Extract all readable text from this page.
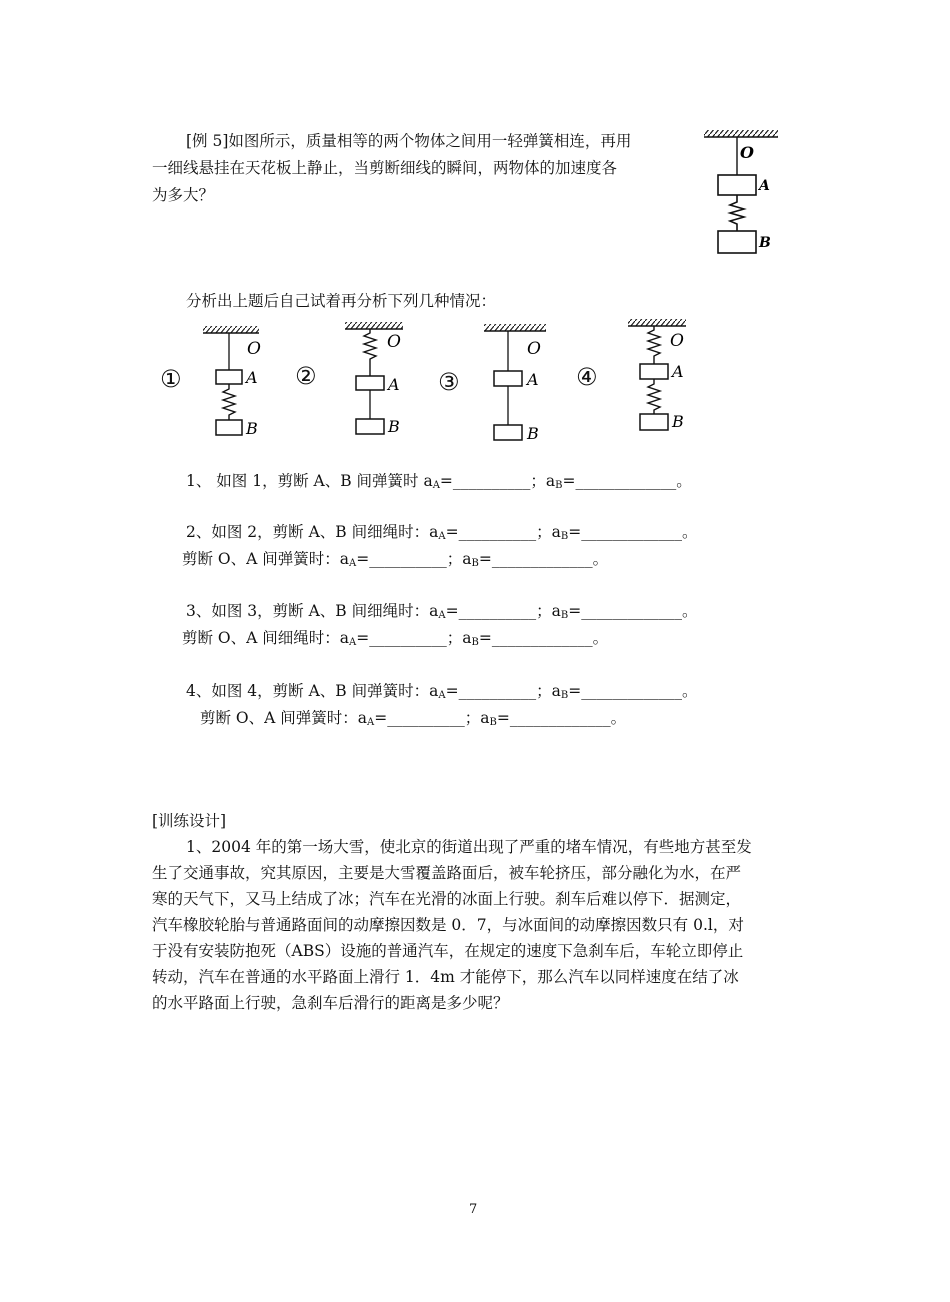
[例 5]如图所示，质量相等的两个物体之间用一轻弹簧相连，再用
一细线悬挂在天花板上静止，当剪断细线的瞬间，两物体的加速度各
为多大？
O
A
B
分析出上题后自己试着再分析下列几种情况：
①
O
A
B
②
O
A
B
③
O
A
B
④
O
A
B
1、 如图 1，剪断 A、B 间弹簧时 $a_A=\_\_\_\_\_\_\_\_\_\_$；$a_B=\_\_\_\_\_\_\_\_\_\_\_\_\_$。
2、如图 2，剪断 A、B 间细绳时：$a_A=\_\_\_\_\_\_\_\_\_\_$；$a_B=\_\_\_\_\_\_\_\_\_\_\_\_\_$。
剪断 O、A 间弹簧时：$a_A=\_\_\_\_\_\_\_\_\_\_$；$a_B=\_\_\_\_\_\_\_\_\_\_\_\_\_$。
3、如图 3，剪断 A、B 间细绳时：$a_A=\_\_\_\_\_\_\_\_\_\_$；$a_B=\_\_\_\_\_\_\_\_\_\_\_\_\_$。
剪断 O、A 间细绳时：$a_A=\_\_\_\_\_\_\_\_\_\_$；$a_B=\_\_\_\_\_\_\_\_\_\_\_\_\_$。
4、如图 4，剪断 A、B 间弹簧时：$a_A=\_\_\_\_\_\_\_\_\_\_$；$a_B=\_\_\_\_\_\_\_\_\_\_\_\_\_$。
剪断 O、A 间弹簧时：$a_A=\_\_\_\_\_\_\_\_\_\_$；$a_B=\_\_\_\_\_\_\_\_\_\_\_\_\_$。
[训练设计]
1、2004 年的第一场大雪，使北京的街道出现了严重的堵车情况，有些地方甚至发
生了交通事故，究其原因，主要是大雪覆盖路面后，被车轮挤压，部分融化为水，在严
寒的天气下，又马上结成了冰；汽车在光滑的冰面上行驶。刹车后难以停下．据测定，
汽车橡胶轮胎与普通路面间的动摩擦因数是 0．7，与冰面间的动摩擦因数只有 0.l，对
于没有安装防抱死（ABS）设施的普通汽车，在规定的速度下急刹车后，车轮立即停止
转动，汽车在普通的水平路面上滑行 1．4m 才能停下，那么汽车以同样速度在结了冰
的水平路面上行驶，急刹车后滑行的距离是多少呢？
7
